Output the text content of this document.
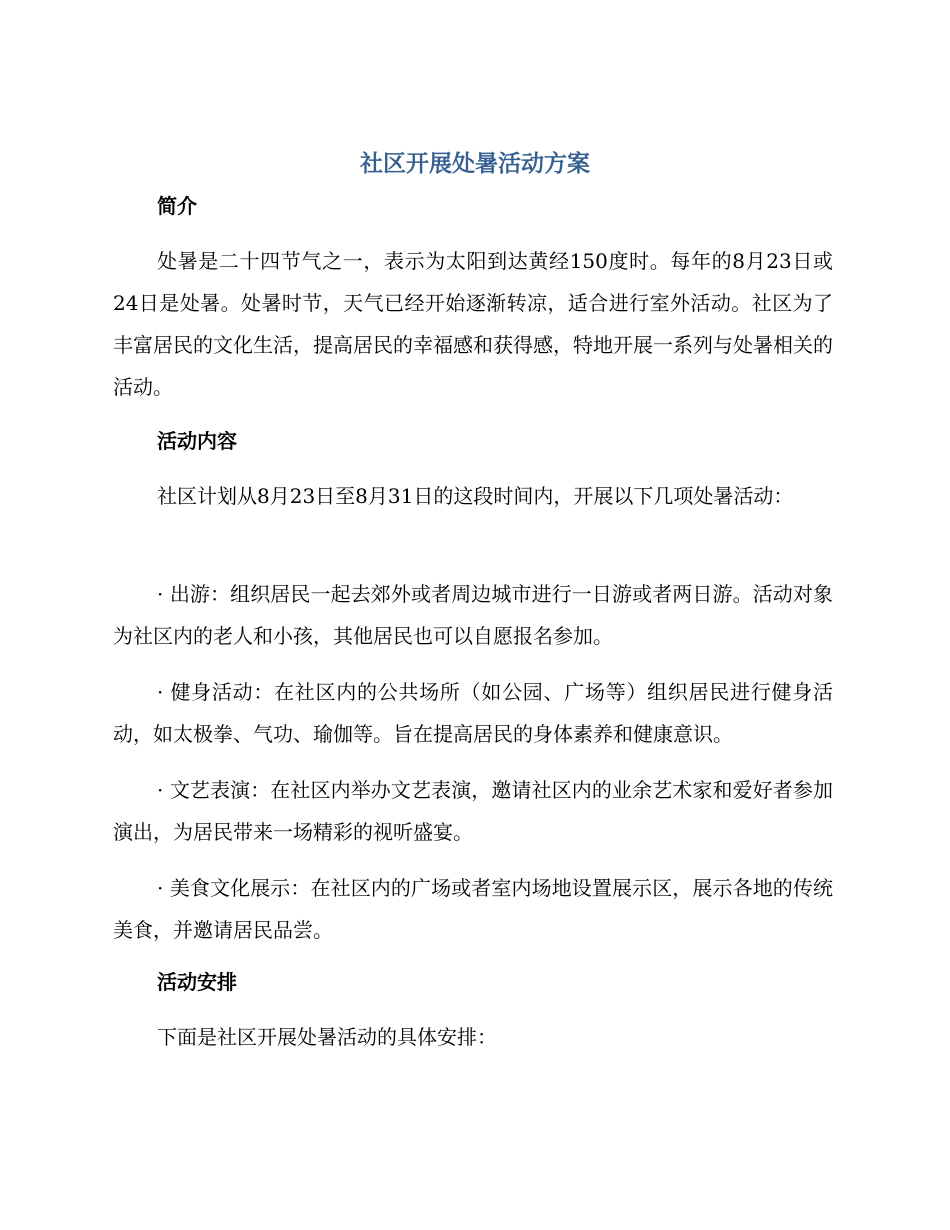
社区开展处暑活动方案
简介
处暑是二十四节气之一，表示为太阳到达黄经150度时。每年的8月23日或24日是处暑。处暑时节，天气已经开始逐渐转凉，适合进行室外活动。社区为了丰富居民的文化生活，提高居民的幸福感和获得感，特地开展一系列与处暑相关的活动。
活动内容
社区计划从8月23日至8月31日的这段时间内，开展以下几项处暑活动：
· 出游：组织居民一起去郊外或者周边城市进行一日游或者两日游。活动对象为社区内的老人和小孩，其他居民也可以自愿报名参加。
· 健身活动：在社区内的公共场所（如公园、广场等）组织居民进行健身活动，如太极拳、气功、瑜伽等。旨在提高居民的身体素养和健康意识。
· 文艺表演：在社区内举办文艺表演，邀请社区内的业余艺术家和爱好者参加演出，为居民带来一场精彩的视听盛宴。
· 美食文化展示：在社区内的广场或者室内场地设置展示区，展示各地的传统美食，并邀请居民品尝。
活动安排
下面是社区开展处暑活动的具体安排：
